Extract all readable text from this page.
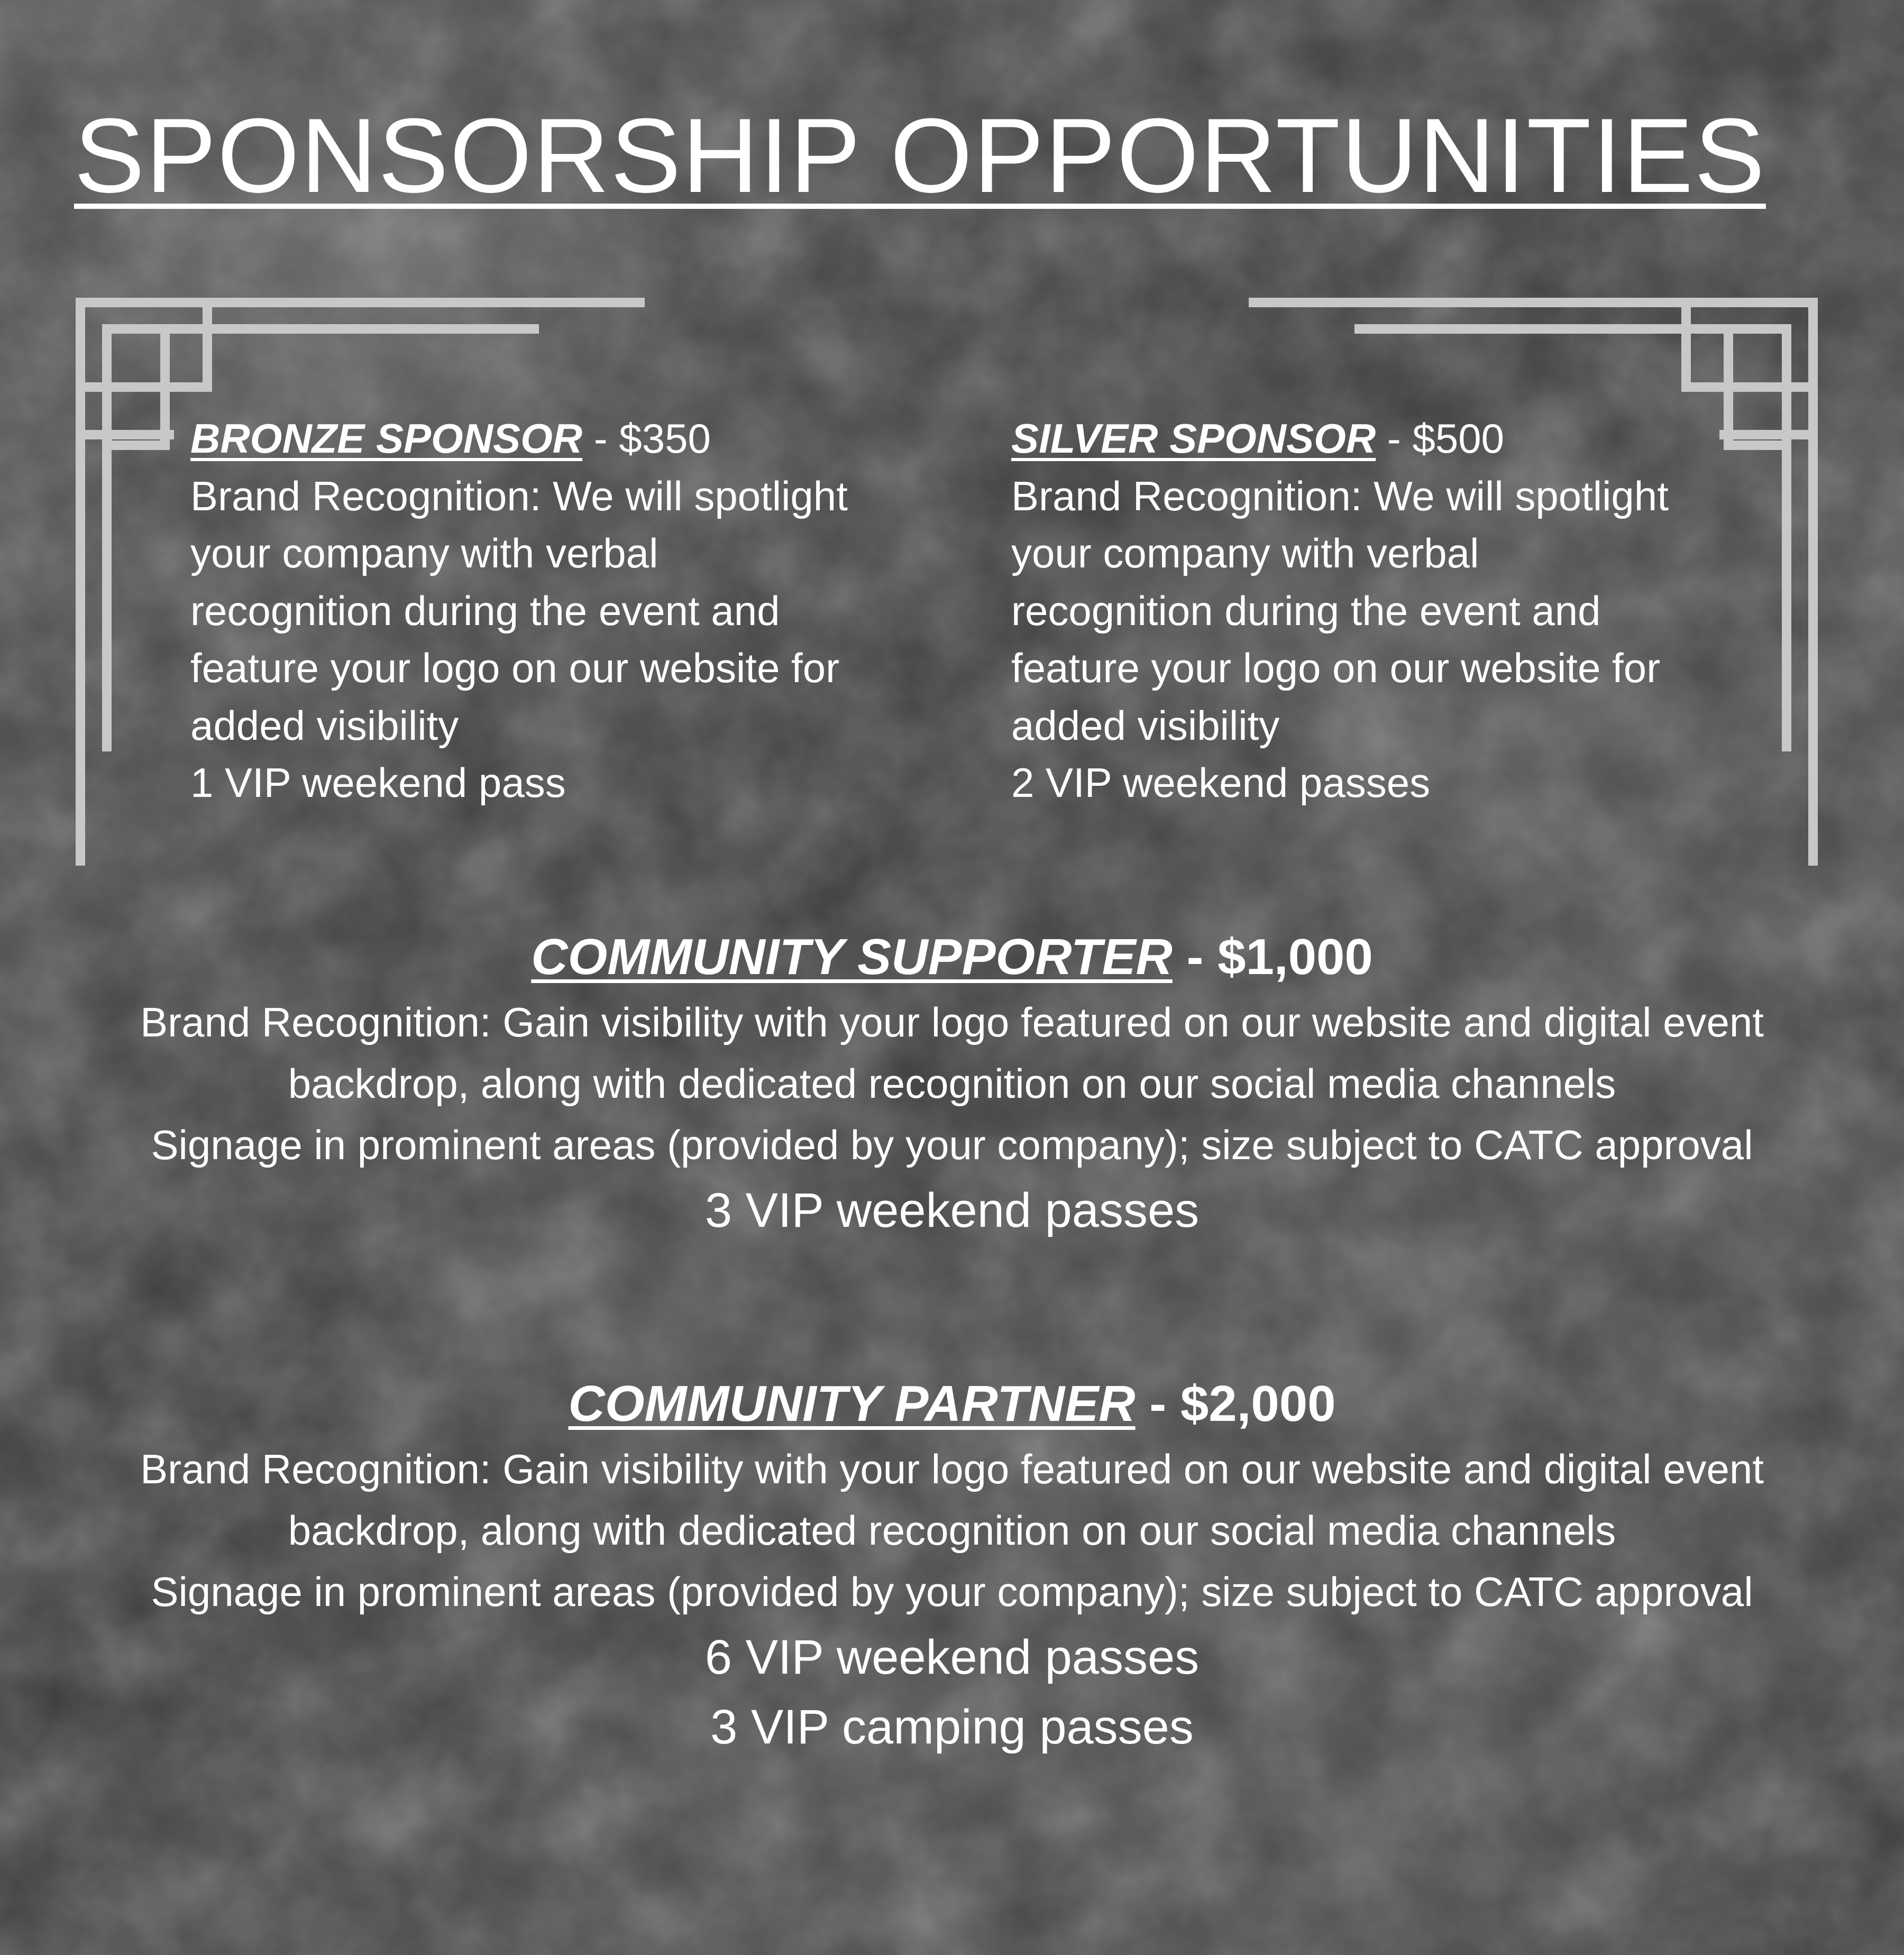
SPONSORSHIP OPPORTUNITIES
BRONZE SPONSOR - $350
Brand Recognition: We will spotlight
your company with verbal
recognition during the event and
feature your logo on our website for
added visibility
1 VIP weekend pass
SILVER SPONSOR - $500
Brand Recognition: We will spotlight
your company with verbal
recognition during the event and
feature your logo on our website for
added visibility
2 VIP weekend passes
COMMUNITY SUPPORTER - $1,000
Brand Recognition: Gain visibility with your logo featured on our website and digital event
backdrop, along with dedicated recognition on our social media channels
Signage in prominent areas (provided by your company); size subject to CATC approval
3 VIP weekend passes
COMMUNITY PARTNER - $2,000
Brand Recognition: Gain visibility with your logo featured on our website and digital event
backdrop, along with dedicated recognition on our social media channels
Signage in prominent areas (provided by your company); size subject to CATC approval
6 VIP weekend passes
3 VIP camping passes
